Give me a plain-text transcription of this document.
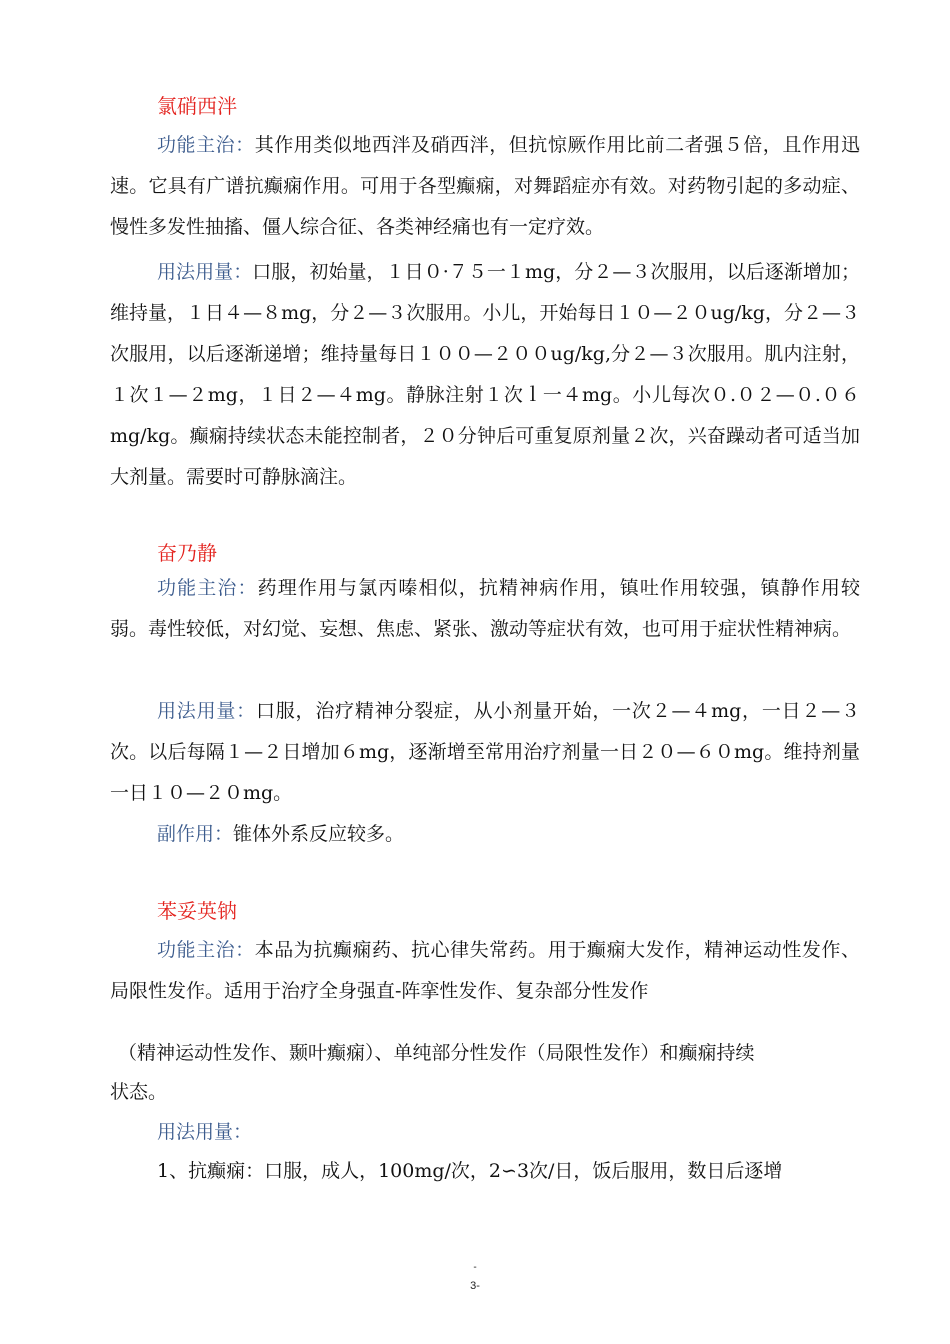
氯硝西泮

功能主治：其作用类似地西泮及硝西泮，但抗惊厥作用比前二者强５倍，且作用迅速。它具有广谱抗癫痫作用。可用于各型癫痫，对舞蹈症亦有效。对药物引起的多动症、慢性多发性抽搐、僵人综合征、各类神经痛也有一定疗效。

用法用量：口服，初始量，１日０·７５一１mg，分２—３次服用，以后逐渐增加；维持量，１日４—８mg，分２—３次服用。小儿，开始每日１０—２０ug/kg，分２—３次服用，以后逐渐递增；维持量每日１００—２００ug/kg,分２—３次服用。肌内注射，１次１—２mg，１日２—４mg。静脉注射１次ｌ一４mg。小儿每次０.０２—０.０６mg/kg。癫痫持续状态未能控制者，２０分钟后可重复原剂量２次，兴奋躁动者可适当加大剂量。需要时可静脉滴注。

奋乃静

功能主治：药理作用与氯丙嗪相似，抗精神病作用，镇吐作用较强，镇静作用较弱。毒性较低，对幻觉、妄想、焦虑、紧张、激动等症状有效，也可用于症状性精神病。

用法用量：口服，治疗精神分裂症，从小剂量开始，一次２—４mg，一日２—３次。以后每隔１—２日增加６mg，逐渐增至常用治疗剂量一日２０—６０mg。维持剂量一日１０—２０mg。

副作用：锥体外系反应较多。

苯妥英钠

功能主治：本品为抗癫痫药、抗心律失常药。用于癫痫大发作，精神运动性发作、局限性发作。适用于治疗全身强直-阵挛性发作、复杂部分性发作

（精神运动性发作、颞叶癫痫）、单纯部分性发作（局限性发作）和癫痫持续

状态。

用法用量：

1、抗癫痫：口服，成人，100mg/次，2∽3次/日，饭后服用，数日后逐增

-
3-
